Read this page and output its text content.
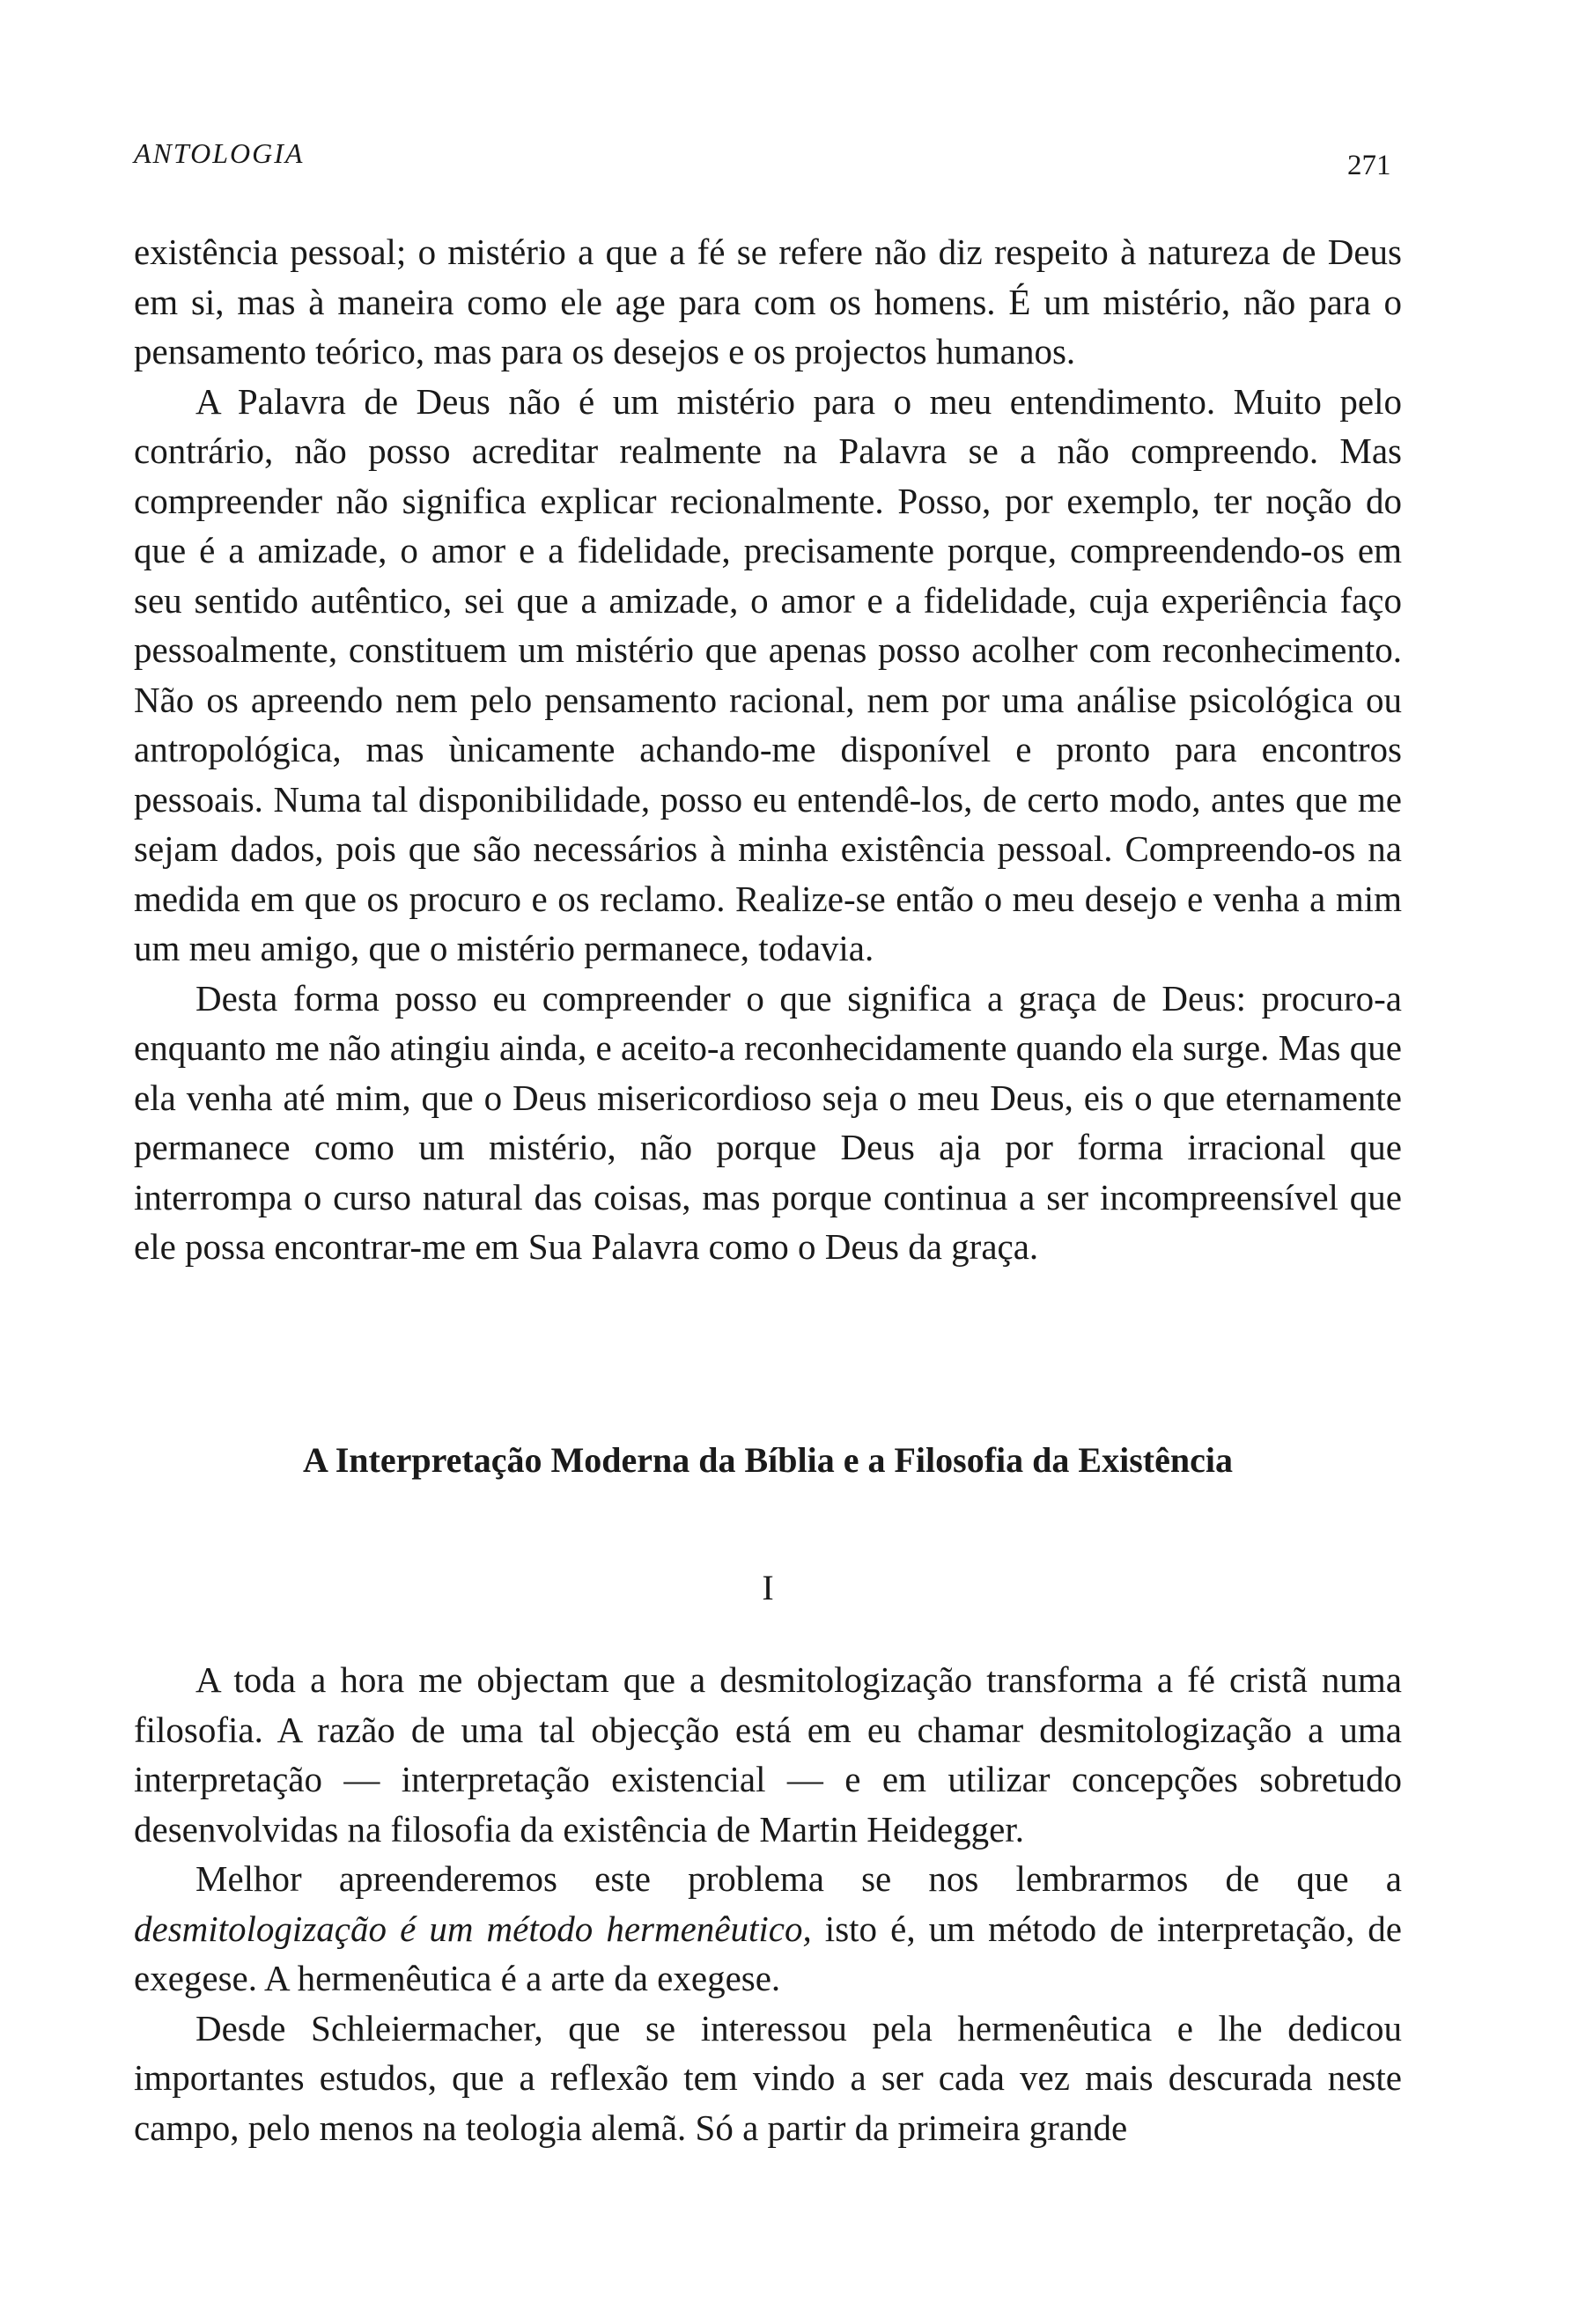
ANTOLOGIA	271

existência pessoal; o mistério a que a fé se refere não diz respeito à natureza de Deus em si, mas à maneira como ele age para com os homens. É um mistério, não para o pensamento teórico, mas para os desejos e os projectos humanos.

A Palavra de Deus não é um mistério para o meu entendimento. Muito pelo contrário, não posso acreditar realmente na Palavra se a não compreendo. Mas compreender não significa explicar recionalmente. Posso, por exemplo, ter noção do que é a amizade, o amor e a fidelidade, precisamente porque, compreendendo-os em seu sentido autêntico, sei que a amizade, o amor e a fidelidade, cuja experiência faço pessoalmente, constituem um mistério que apenas posso acolher com reconhecimento. Não os apreendo nem pelo pensamento racional, nem por uma análise psicológica ou antropológica, mas ùnicamente achando-me disponível e pronto para encontros pessoais. Numa tal disponibilidade, posso eu entendê-los, de certo modo, antes que me sejam dados, pois que são necessários à minha existência pessoal. Compreendo-os na medida em que os procuro e os reclamo. Realize-se então o meu desejo e venha a mim um meu amigo, que o mistério permanece, todavia.

Desta forma posso eu compreender o que significa a graça de Deus: procuro-a enquanto me não atingiu ainda, e aceito-a reconhecidamente quando ela surge. Mas que ela venha até mim, que o Deus misericordioso seja o meu Deus, eis o que eternamente permanece como um mistério, não porque Deus aja por forma irracional que interrompa o curso natural das coisas, mas porque continua a ser incompreensível que ele possa encontrar-me em Sua Palavra como o Deus da graça.

A Interpretação Moderna da Bíblia e a Filosofia da Existência
I

A toda a hora me objectam que a desmitologização transforma a fé cristã numa filosofia. A razão de uma tal objecção está em eu chamar desmitologização a uma interpretação — interpretação existencial — e em utilizar concepções sobretudo desenvolvidas na filosofia da existência de Martin Heidegger.

Melhor apreenderemos este problema se nos lembrarmos de que a desmitologização é um método hermenêutico, isto é, um método de interpretação, de exegese. A hermenêutica é a arte da exegese.

Desde Schleiermacher, que se interessou pela hermenêutica e lhe dedicou importantes estudos, que a reflexão tem vindo a ser cada vez mais descurada neste campo, pelo menos na teologia alemã. Só a partir da primeira grande
